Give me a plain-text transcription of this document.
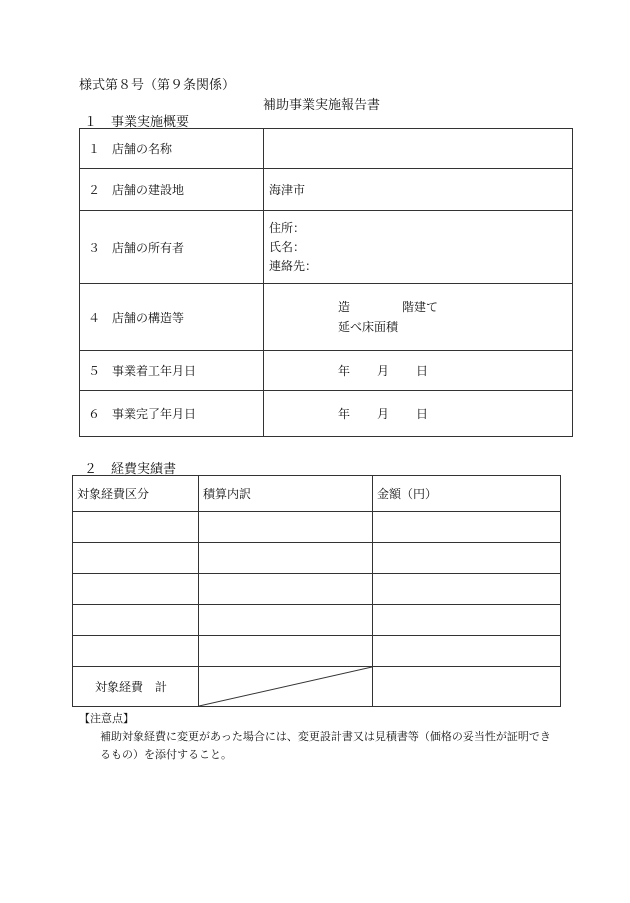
様式第８号（第９条関係）
補助事業実施報告書
１ 事業実施概要
１ 店舗の名称	
２ 店舗の建設地	海津市
３ 店舗の所有者	住所：
氏名：
連絡先：

４ 店舗の構造等	造 階建て
延べ床面積

５ 事業着工年月日	年 月 日
６ 事業完了年月日	年 月 日
２ 経費実績書
対象経費区分	積算内訳	金額（円）

対象経費　計	

【注意点】
補助対象経費に変更があった場合には、変更設計書又は見積書等（価格の妥当性が証明でき
るもの）を添付すること。
